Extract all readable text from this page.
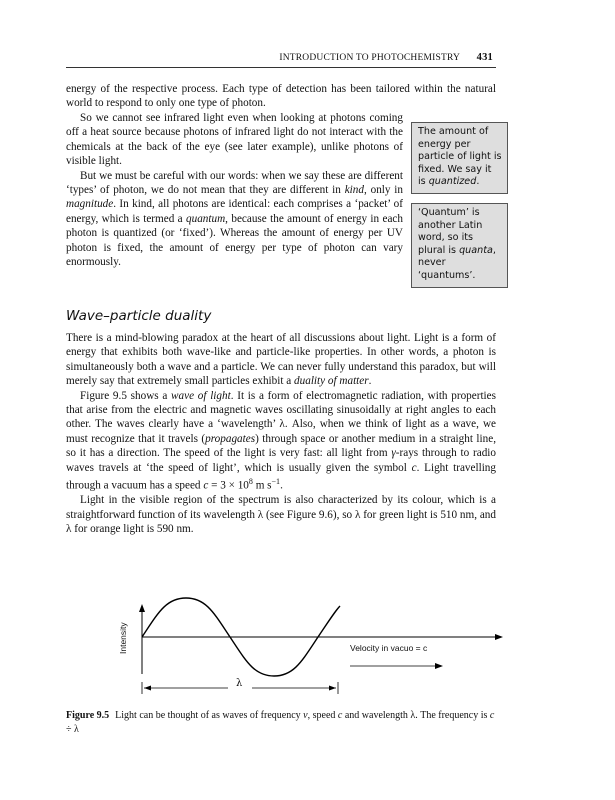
INTRODUCTION TO PHOTOCHEMISTRY 431

energy of the respective process. Each type of detection has been tailored within the natural world to respond to only one type of photon.

So we cannot see infrared light even when looking at photons coming off a heat source because photons of infrared light do not interact with the chemicals at the back of the eye (see later example), unlike photons of visible light.

But we must be careful with our words: when we say these are different ‘types’ of photon, we do not mean that they are different in kind, only in magnitude. In kind, all photons are identical: each comprises a ‘packet’ of energy, which is termed a quantum, because the amount of energy in each photon is quantized (or ‘fixed’). Whereas the amount of energy per UV photon is fixed, the amount of energy per type of photon can vary enormously.

The amount of energy per particle of light is fixed. We say it is quantized.
‘Quantum’ is another Latin word, so its plural is quanta, never ‘quantums’.
Wave–particle duality

There is a mind-blowing paradox at the heart of all discussions about light. Light is a form of energy that exhibits both wave-like and particle-like properties. In other words, a photon is simultaneously both a wave and a particle. We can never fully understand this paradox, but will merely say that extremely small particles exhibit a duality of matter.

Figure 9.5 shows a wave of light. It is a form of electromagnetic radiation, with properties that arise from the electric and magnetic waves oscillating sinusoidally at right angles to each other. The waves clearly have a ‘wavelength’ λ. Also, when we think of light as a wave, we must recognize that it travels (propagates) through space or another medium in a straight line, so it has a direction. The speed of the light is very fast: all light from γ-rays through to radio waves travels at ‘the speed of light’, which is usually given the symbol c. Light travelling through a vacuum has a speed $c = 3 \times 10^8$ m $s^{-1}$.

Light in the visible region of the spectrum is also characterized by its colour, which is a straightforward function of its wavelength λ (see Figure 9.6), so λ for green light is 510 nm, and λ for orange light is 590 nm.

Intensity	Velocity in vacuo = c
λ
Figure 9.5 Light can be thought of as waves of frequency ν, speed c and wavelength λ. The frequency is c ÷ λ
